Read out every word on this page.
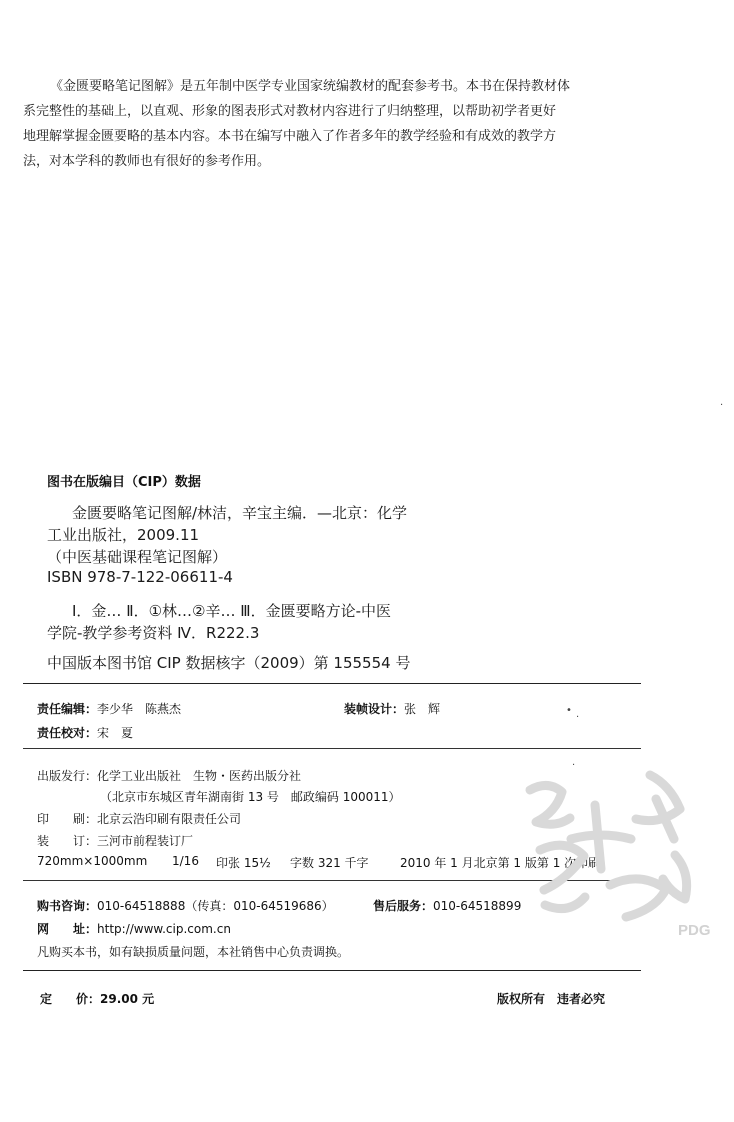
《金匮要略笔记图解》是五年制中医学专业国家统编教材的配套参考书。本书在保持教材体

系完整性的基础上，以直观、形象的图表形式对教材内容进行了归纳整理，以帮助初学者更好

地理解掌握金匮要略的基本内容。本书在编写中融入了作者多年的教学经验和有成效的教学方

法，对本学科的教师也有很好的参考作用。

图书在版编目（CIP）数据
金匮要略笔记图解/林洁，辛宝主编．—北京：化学
工业出版社，2009.11
（中医基础课程笔记图解）
ISBN 978-7-122-06611-4
Ⅰ．金… Ⅱ．①林…②辛… Ⅲ．金匮要略方论-中医
学院-教学参考资料 Ⅳ．R222.3
中国版本图书馆 CIP 数据核字（2009）第 155554 号
责任编辑：李少华　陈燕杰	装帧设计：张　辉
责任校对：宋　夏
出版发行：化学工业出版社　生物・医药出版分社
（北京市东城区青年湖南街 13 号　邮政编码 100011）
印　　刷：北京云浩印刷有限责任公司
装　　订：三河市前程装订厂
720mm×1000mm 1/16 印张 15½ 字数 321 千字	2010 年 1 月北京第 1 版第 1 次印刷
购书咨询：010-64518888（传真：010-64519686）	售后服务：010-64518899
网　　址：http://www.cip.com.cn
凡购买本书，如有缺损质量问题，本社销售中心负责调换。
定　　价：29.00 元	版权所有　违者必究
PDG
•
·
·
·
